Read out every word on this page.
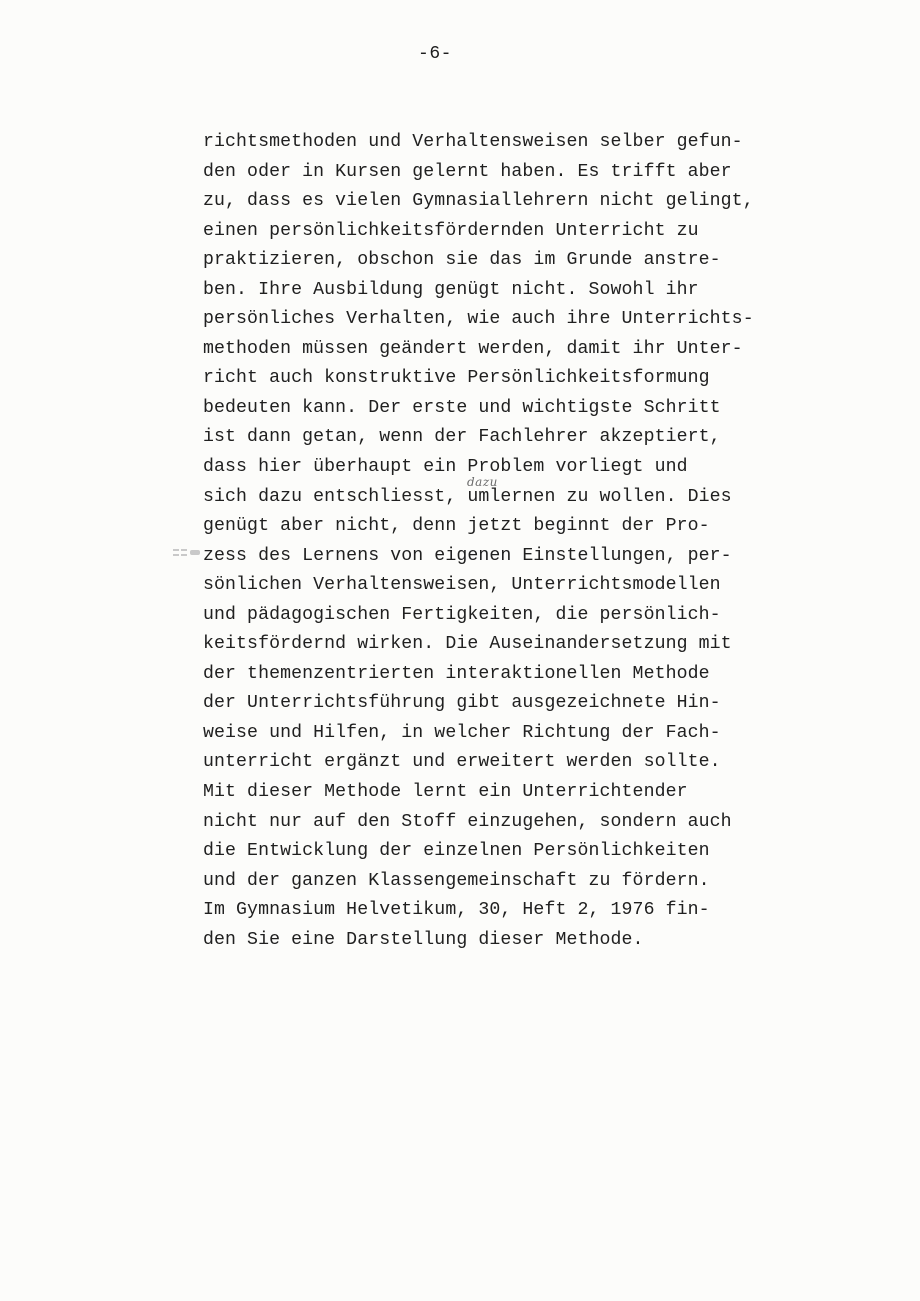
-6-
dazu
richtsmethoden und Verhaltensweisen selber gefun-
den oder in Kursen gelernt haben. Es trifft aber
zu, dass es vielen Gymnasiallehrern nicht gelingt,
einen persönlichkeitsfördernden Unterricht zu
praktizieren, obschon sie das im Grunde anstre-
ben. Ihre Ausbildung genügt nicht. Sowohl ihr
persönliches Verhalten, wie auch ihre Unterrichts-
methoden müssen geändert werden, damit ihr Unter-
richt auch konstruktive Persönlichkeitsformung
bedeuten kann. Der erste und wichtigste Schritt
ist dann getan, wenn der Fachlehrer akzeptiert,
dass hier überhaupt ein Problem vorliegt und
sich dazu entschliesst, umlernen zu wollen. Dies
genügt aber nicht, denn jetzt beginnt der Pro-
zess des Lernens von eigenen Einstellungen, per-
sönlichen Verhaltensweisen, Unterrichtsmodellen
und pädagogischen Fertigkeiten, die persönlich-
keitsfördernd wirken. Die Auseinandersetzung mit
der themenzentrierten interaktionellen Methode
der Unterrichtsführung gibt ausgezeichnete Hin-
weise und Hilfen, in welcher Richtung der Fach-
unterricht ergänzt und erweitert werden sollte.
Mit dieser Methode lernt ein Unterrichtender
nicht nur auf den Stoff einzugehen, sondern auch
die Entwicklung der einzelnen Persönlichkeiten
und der ganzen Klassengemeinschaft zu fördern.
Im Gymnasium Helvetikum, 30, Heft 2, 1976 fin-
den Sie eine Darstellung dieser Methode.
